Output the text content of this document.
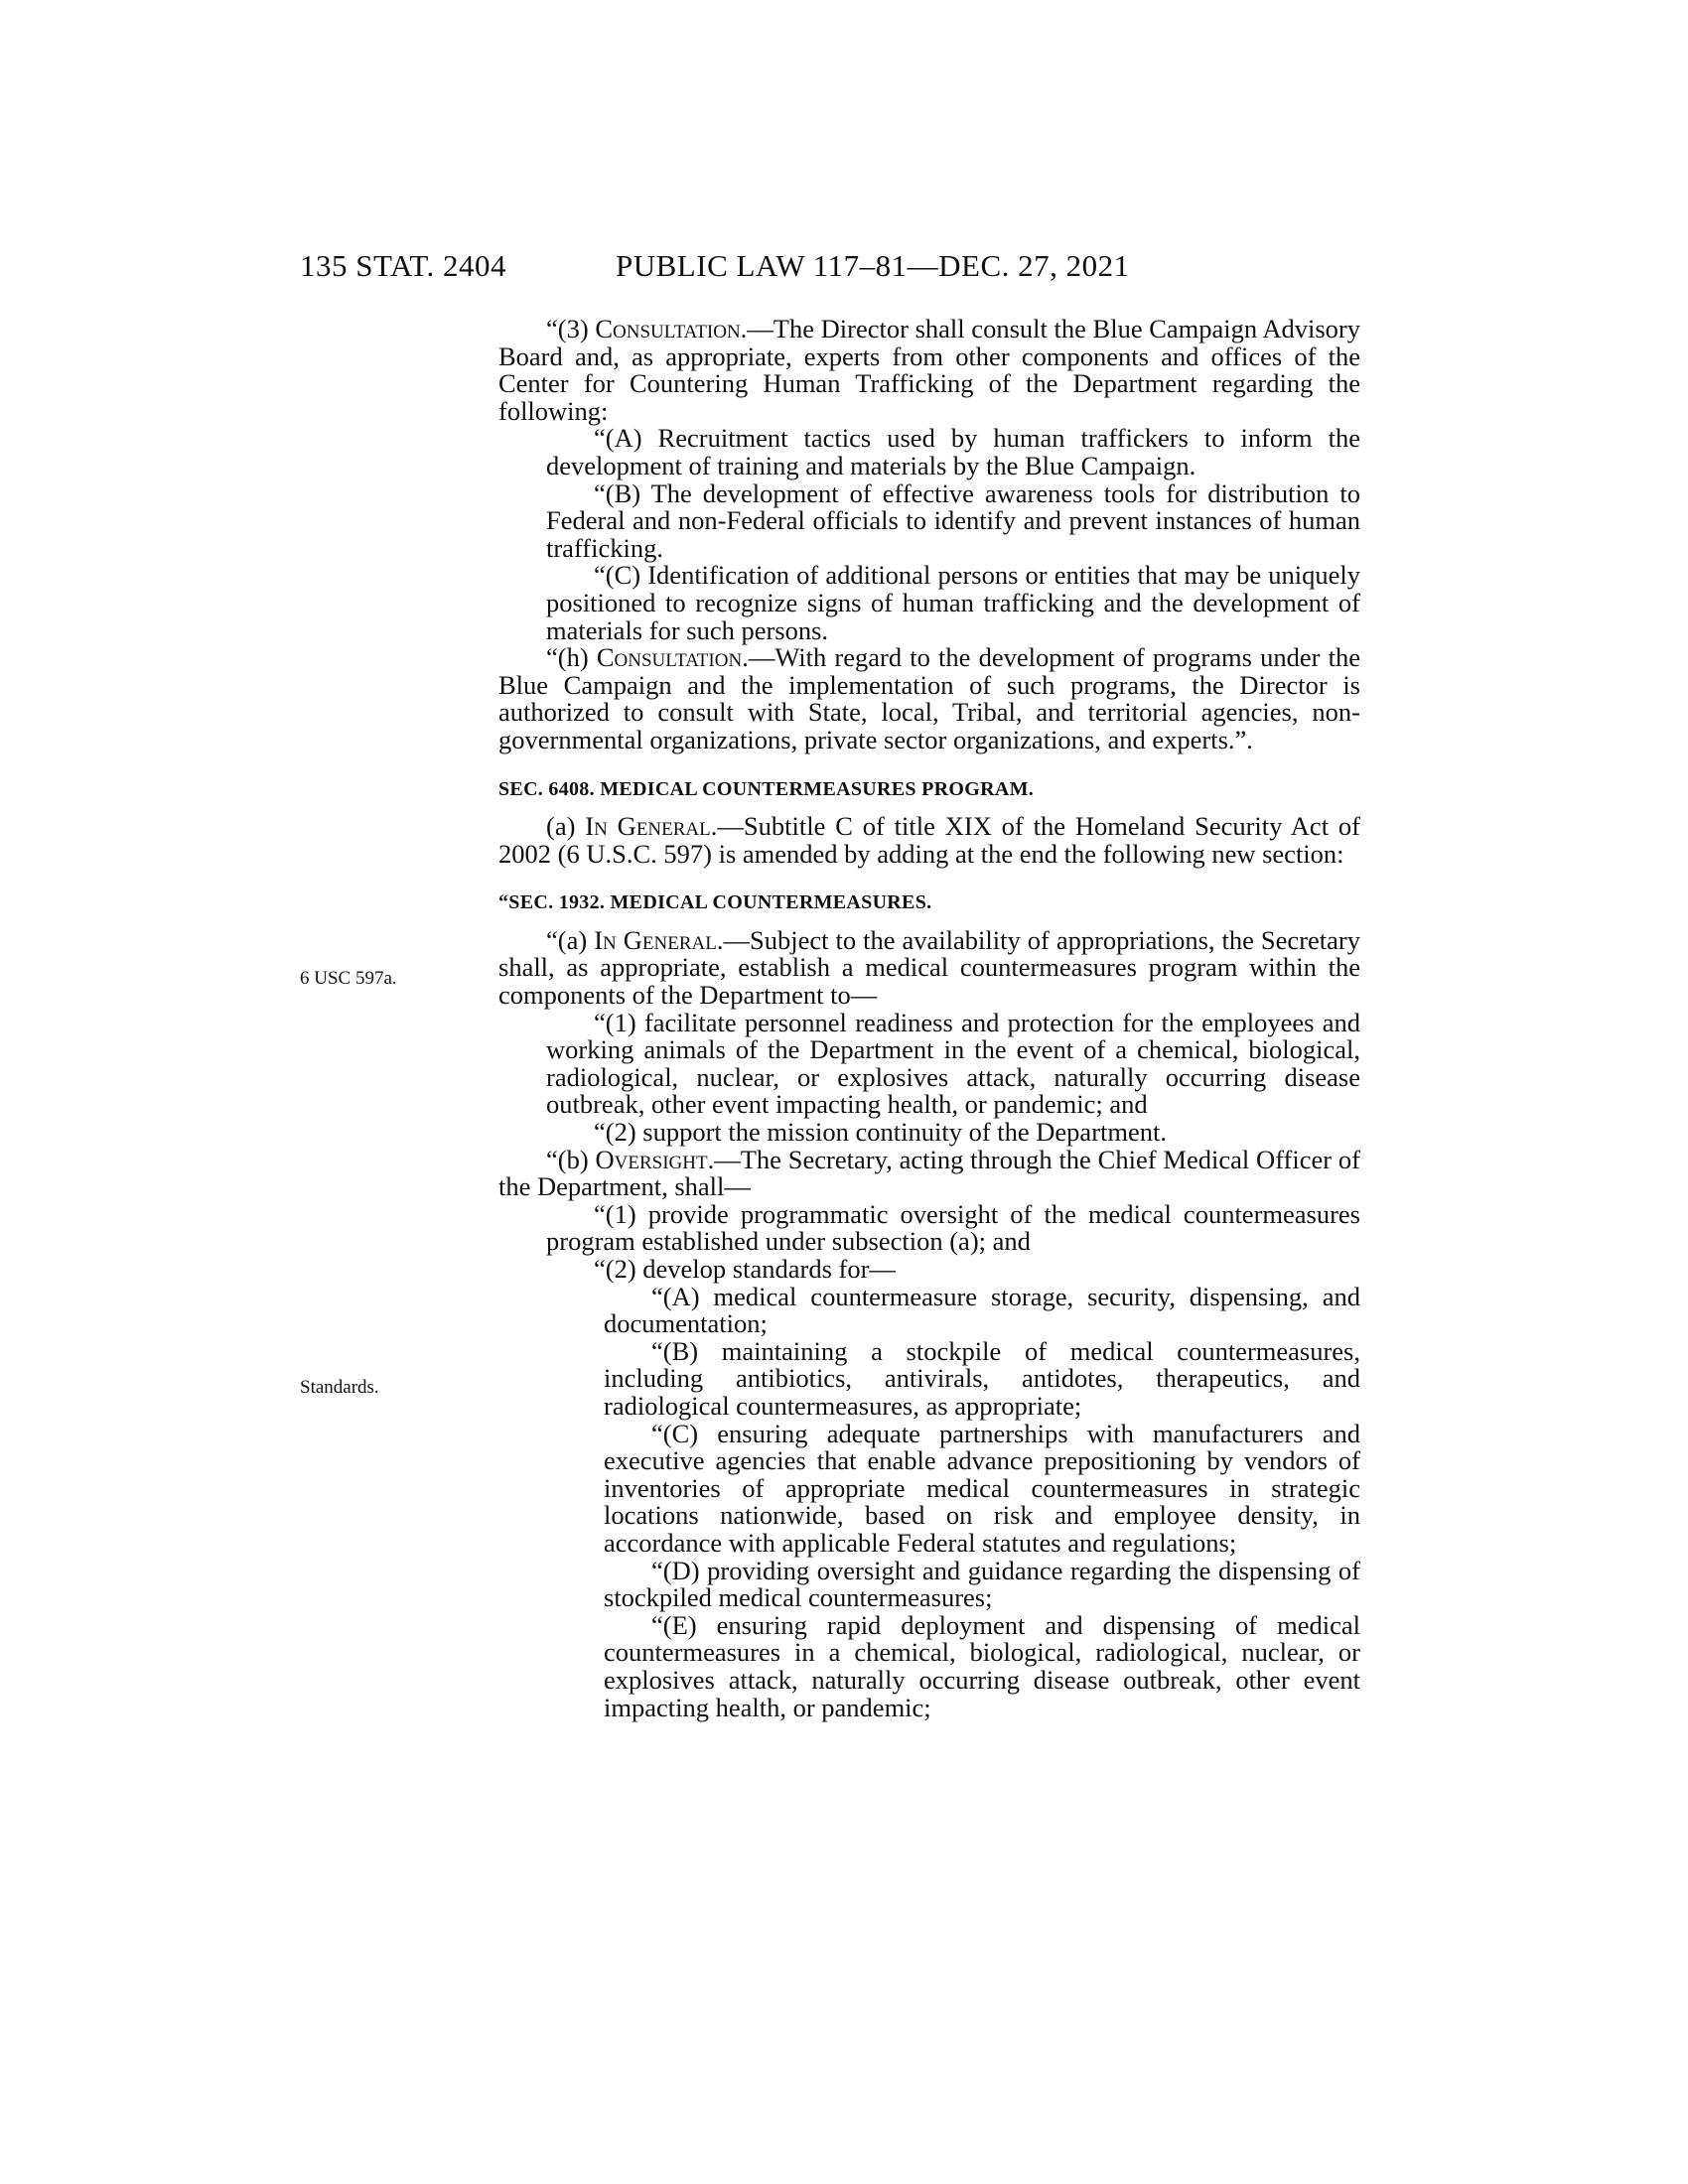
135 STAT. 2404	PUBLIC LAW 117–81—DEC. 27, 2021
6 USC 597a.
Standards.

“(3) Consultation.—The Director shall consult the Blue Campaign Advisory Board and, as appropriate, experts from other components and offices of the Center for Countering Human Trafficking of the Department regarding the following:

“(A) Recruitment tactics used by human traffickers to inform the development of training and materials by the Blue Campaign.

“(B) The development of effective awareness tools for distribution to Federal and non-Federal officials to identify and prevent instances of human trafficking.

“(C) Identification of additional persons or entities that may be uniquely positioned to recognize signs of human trafficking and the development of materials for such persons.

“(h) Consultation.—With regard to the development of programs under the Blue Campaign and the implementation of such programs, the Director is authorized to consult with State, local, Tribal, and territorial agencies, non-governmental organizations, private sector organizations, and experts.”.

SEC. 6408. MEDICAL COUNTERMEASURES PROGRAM.

(a) In General.—Subtitle C of title XIX of the Homeland Security Act of 2002 (6 U.S.C. 597) is amended by adding at the end the following new section:

“SEC. 1932. MEDICAL COUNTERMEASURES.

“(a) In General.—Subject to the availability of appropriations, the Secretary shall, as appropriate, establish a medical countermeasures program within the components of the Department to—

“(1) facilitate personnel readiness and protection for the employees and working animals of the Department in the event of a chemical, biological, radiological, nuclear, or explosives attack, naturally occurring disease outbreak, other event impacting health, or pandemic; and

“(2) support the mission continuity of the Department.

“(b) Oversight.—The Secretary, acting through the Chief Medical Officer of the Department, shall—

“(1) provide programmatic oversight of the medical countermeasures program established under subsection (a); and

“(2) develop standards for—

“(A) medical countermeasure storage, security, dispensing, and documentation;

“(B) maintaining a stockpile of medical countermeasures, including antibiotics, antivirals, antidotes, therapeutics, and radiological countermeasures, as appropriate;

“(C) ensuring adequate partnerships with manufacturers and executive agencies that enable advance prepositioning by vendors of inventories of appropriate medical countermeasures in strategic locations nationwide, based on risk and employee density, in accordance with applicable Federal statutes and regulations;

“(D) providing oversight and guidance regarding the dispensing of stockpiled medical countermeasures;

“(E) ensuring rapid deployment and dispensing of medical countermeasures in a chemical, biological, radiological, nuclear, or explosives attack, naturally occurring disease outbreak, other event impacting health, or pandemic;
